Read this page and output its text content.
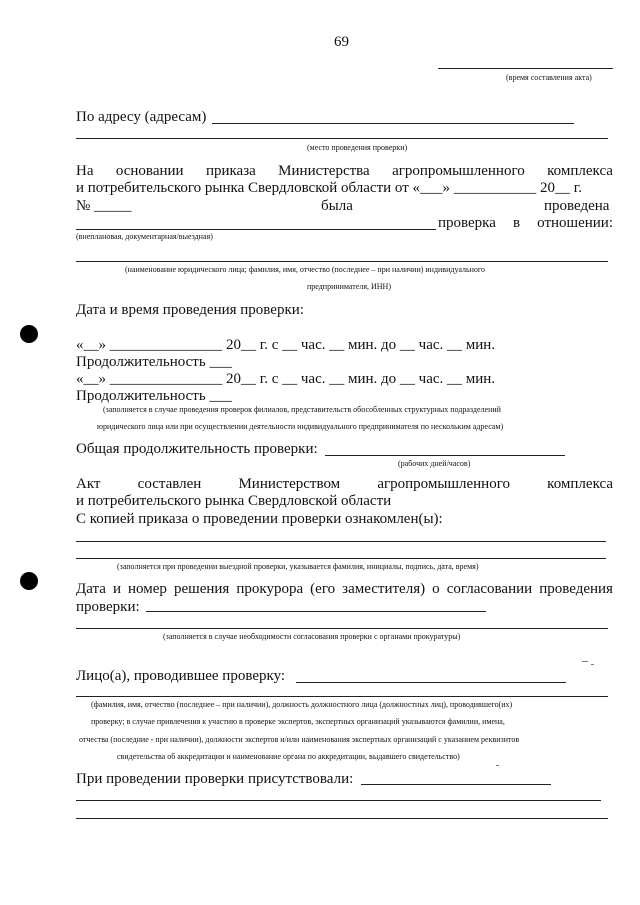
69
(время составления акта)
По адресу (адресам)
(место проведения проверки)
На основании приказа Министерства агропромышленного комплекса
и потребительского рынка Свердловской области от «___» ___________ 20__ г.
№ _____	была	проведена
проверка в отношении:
(внеплановая, документарная/выездная)
(наименование юридического лица; фамилия, имя, отчество (последнее – при наличии) индивидуального
предпринимателя, ИНН)
Дата и время проведения проверки:
«__» _______________ 20__ г. с __ час. __ мин. до __ час. __ мин.
Продолжительность ___
«__» _______________ 20__ г. с __ час. __ мин. до __ час. __ мин.
Продолжительность ___
(заполняется в случае проведения проверок филиалов, представительств обособленных структурных подразделений
юридического лица или при осуществлении деятельности индивидуального предпринимателя по нескольким адресам)
Общая продолжительность проверки:
(рабочих дней/часов)
Акт составлен Министерством агропромышленного комплекса
и потребительского рынка Свердловской области
С копией приказа о проведении проверки ознакомлен(ы):
(заполняется при проведении выездной проверки, указывается фамилия, инициалы, подпись, дата, время)
Дата и номер решения прокурора (его заместителя) о согласовании проведения
проверки:
(заполняется в случае необходимости согласования проверки с органами прокуратуры)
Лицо(а), проводившее проверку:
(фамилия, имя, отчество (последнее – при наличии), должность должностного лица (должностных лиц), проводившего(их)
проверку; в случае привлечения к участию в проверке экспертов, экспертных организаций указываются фамилии, имена,
отчества (последние - при наличии), должности экспертов и/или наименования экспертных организаций с указанием реквизитов
свидетельства об аккредитации и наименование органа по аккредитации, выдавшего свидетельство)
При проведении проверки присутствовали:
